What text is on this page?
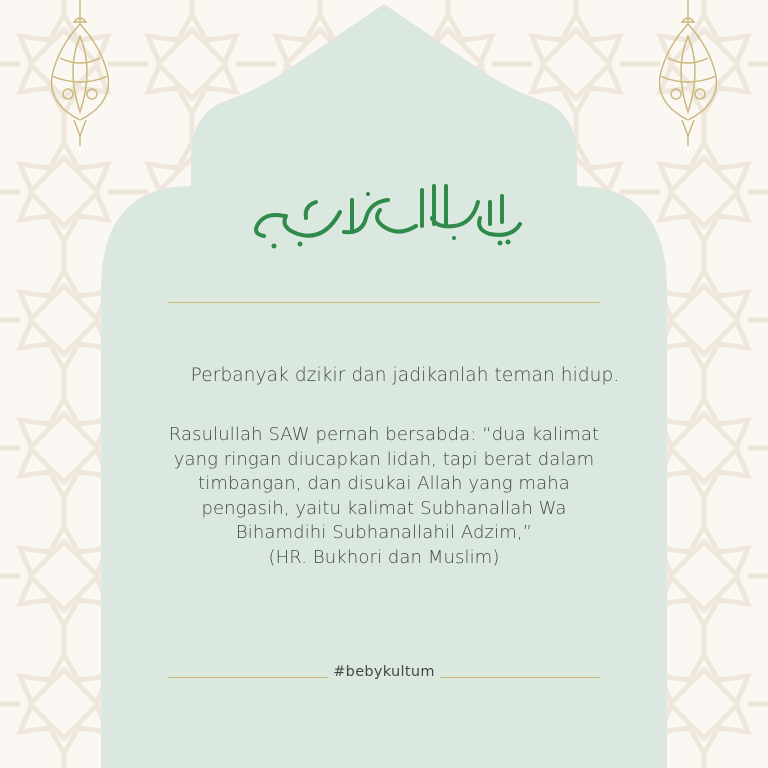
Perbanyak dzikir dan jadikanlah teman hidup.
Rasulullah SAW pernah bersabda: “dua kalimat
yang ringan diucapkan lidah, tapi berat dalam
timbangan, dan disukai Allah yang maha
pengasih, yaitu kalimat Subhanallah Wa
Bihamdihi Subhanallahil Adzim,”
(HR. Bukhori dan Muslim)
#bebykultum
